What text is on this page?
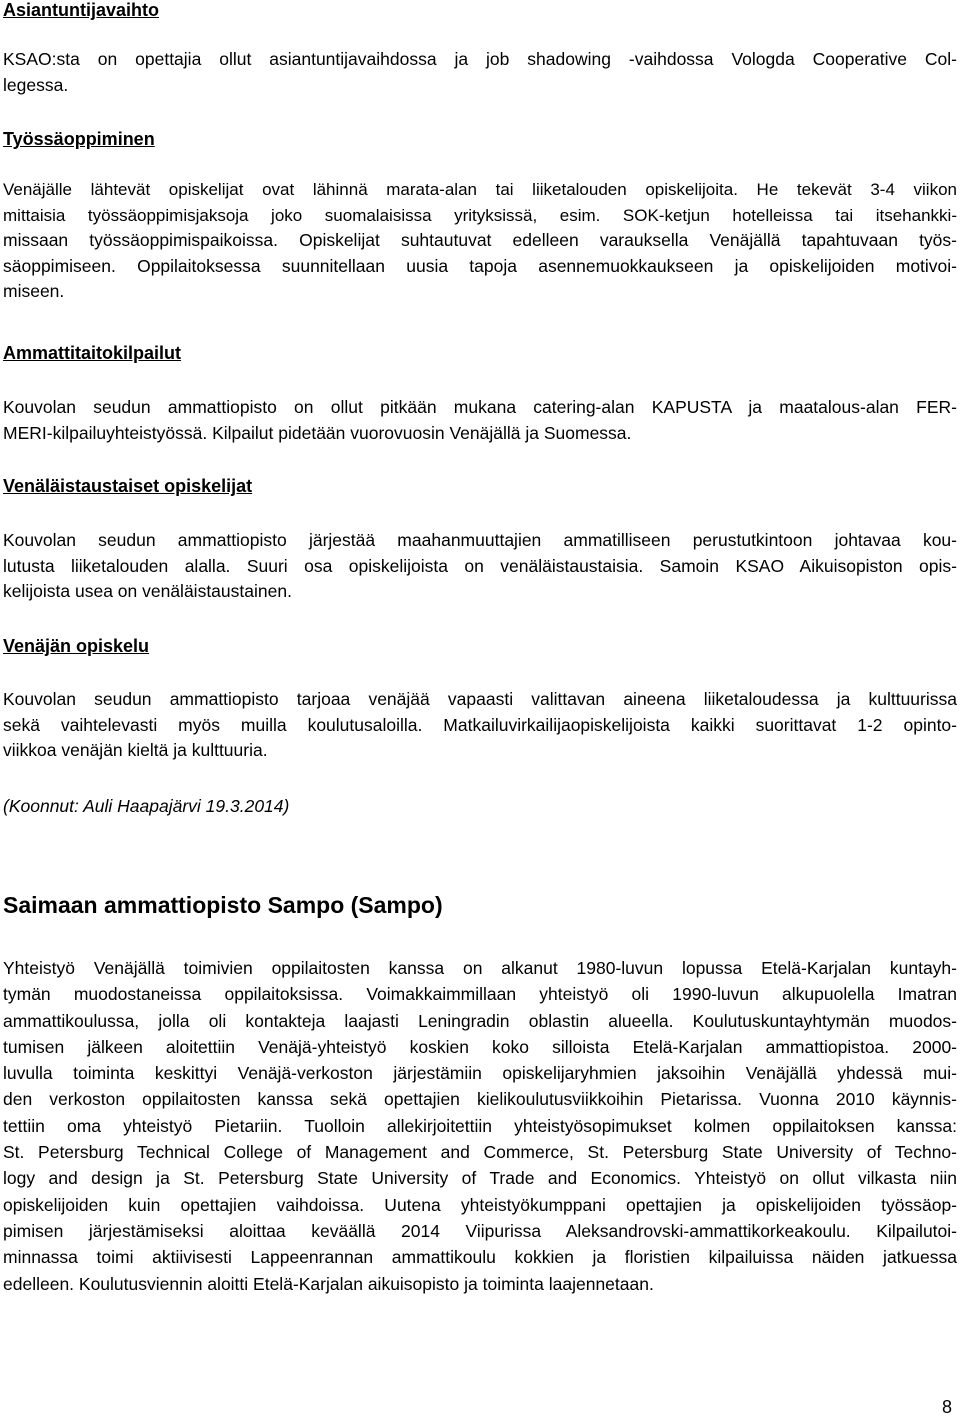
Asiantuntijavaihto
KSAO:sta on opettajia ollut asiantuntijavaihdossa ja job shadowing -vaihdossa Vologda Cooperative Col-
legessa.
Työssäoppiminen
Venäjälle lähtevät opiskelijat ovat lähinnä marata-alan tai liiketalouden opiskelijoita. He tekevät 3-4 viikon
mittaisia työssäoppimisjaksoja joko suomalaisissa yrityksissä, esim. SOK-ketjun hotelleissa tai itsehankki-
missaan työssäoppimispaikoissa. Opiskelijat suhtautuvat edelleen varauksella Venäjällä tapahtuvaan työs-
säoppimiseen. Oppilaitoksessa suunnitellaan uusia tapoja asennemuokkaukseen ja opiskelijoiden motivoi-
miseen.
Ammattitaitokilpailut
Kouvolan seudun ammattiopisto on ollut pitkään mukana catering-alan KAPUSTA ja maatalous-alan FER-
MERI-kilpailuyhteistyössä. Kilpailut pidetään vuorovuosin Venäjällä ja Suomessa.
Venäläistaustaiset opiskelijat
Kouvolan seudun ammattiopisto järjestää maahanmuuttajien ammatilliseen perustutkintoon johtavaa kou-
lutusta liiketalouden alalla. Suuri osa opiskelijoista on venäläistaustaisia. Samoin KSAO Aikuisopiston opis-
kelijoista usea on venäläistaustainen.
Venäjän opiskelu
Kouvolan seudun ammattiopisto tarjoaa venäjää vapaasti valittavan aineena liiketaloudessa ja kulttuurissa
sekä vaihtelevasti myös muilla koulutusaloilla. Matkailuvirkailijaopiskelijoista kaikki suorittavat 1-2 opinto-
viikkoa venäjän kieltä ja kulttuuria.

(Koonnut: Auli Haapajärvi 19.3.2014)

Saimaan ammattiopisto Sampo (Sampo)
Yhteistyö Venäjällä toimivien oppilaitosten kanssa on alkanut 1980-luvun lopussa Etelä-Karjalan kuntayh-
tymän muodostaneissa oppilaitoksissa. Voimakkaimmillaan yhteistyö oli 1990-luvun alkupuolella Imatran
ammattikoulussa, jolla oli kontakteja laajasti Leningradin oblastin alueella. Koulutuskuntayhtymän muodos-
tumisen jälkeen aloitettiin Venäjä-yhteistyö koskien koko silloista Etelä-Karjalan ammattiopistoa. 2000-
luvulla toiminta keskittyi Venäjä-verkoston järjestämiin opiskelijaryhmien jaksoihin Venäjällä yhdessä mui-
den verkoston oppilaitosten kanssa sekä opettajien kielikoulutusviikkoihin Pietarissa. Vuonna 2010 käynnis-
tettiin oma yhteistyö Pietariin. Tuolloin allekirjoitettiin yhteistyösopimukset kolmen oppilaitoksen kanssa:
St. Petersburg Technical College of Management and Commerce, St. Petersburg State University of Techno-
logy and design ja St. Petersburg State University of Trade and Economics. Yhteistyö on ollut vilkasta niin
opiskelijoiden kuin opettajien vaihdoissa. Uutena yhteistyökumppani opettajien ja opiskelijoiden työssäop-
pimisen järjestämiseksi aloittaa keväällä 2014 Viipurissa Aleksandrovski-ammattikorkeakoulu. Kilpailutoi-
minnassa toimi aktiivisesti Lappeenrannan ammattikoulu kokkien ja floristien kilpailuissa näiden jatkuessa
edelleen. Koulutusviennin aloitti Etelä-Karjalan aikuisopisto ja toiminta laajennetaan.
8
